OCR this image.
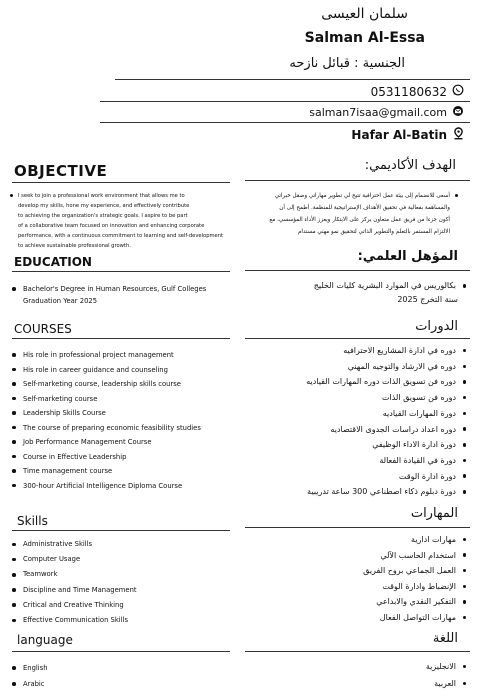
سلمان العيسى
Salman Al-Essa
الجنسية : قبائل نازحه
0531180632
salman7isaa@gmail.com
Hafar Al-Batin
OBJECTIVE	الهدف الأكاديمي:
I seek to join a professional work environment that allows me to
develop my skills, hone my experience, and effectively contribute
to achieving the organization's strategic goals. I aspire to be part
of a collaborative team focused on innovation and enhancing corporate
performance, with a continuous commitment to learning and self-development
to achieve sustainable professional growth.
أسعى للانضمام إلى بيئة عمل احترافية تتيح لي تطوير مهاراتي وصقل خبراتي
والمساهمة بفعالية في تحقيق الأهداف الإستراتيجية للمنظمة. أطمح إلى أن
أكون جزءا من فريق عمل متعاون يركز على الابتكار ويعزز الأداء المؤسسي، مع
الالتزام المستمر بالتعلم والتطوير الذاتي لتحقيق نمو مهني مستدام
EDUCATION
Bachelor's Degree in Human Resources, Gulf Colleges
Graduation Year 2025
المؤهل العلمي:
بكالوريس في الموارد البشرية كليات الخليج
سنة التخرج 2025
COURSES
His role in professional project management
His role in career guidance and counseling
Self-marketing course, leadership skills course
Self-marketing course
Leadership Skills Course
The course of preparing economic feasibility studies
Job Performance Management Course
Course in Effective Leadership
Time management course
300-hour Artificial Intelligence Diploma Course
الدورات
دوره في ادارة المشاريع الاحترافيه
دوره في الارشاد والتوجيه المهني
دوره فن تسويق الذات دوره المهارات القياديه
دوره فن تسويق الذات
دورة المهارات القياديه
دوره اعداد دراسات الجدوى الاقتصاديه
دورة ادارة الاداء الوظيفي
دورة في القيادة الفعالة
دورة ادارة الوقت
دورة دبلوم ذكاء اصطناعي 300 ساعة تدريبية
Skills
Administrative Skills
Computer Usage
Teamwork
Discipline and Time Management
Critical and Creative Thinking
Effective Communication Skills
المهارات
مهارات ادارية
استخدام الحاسب الآلي
العمل الجماعي بروح الفريق
الإنضباط وادارة الوقت
التفكير النقدي والابداعي
مهارات التواصل الفعال
language
English
Arabic
اللغة
الانجليزية
العربية
